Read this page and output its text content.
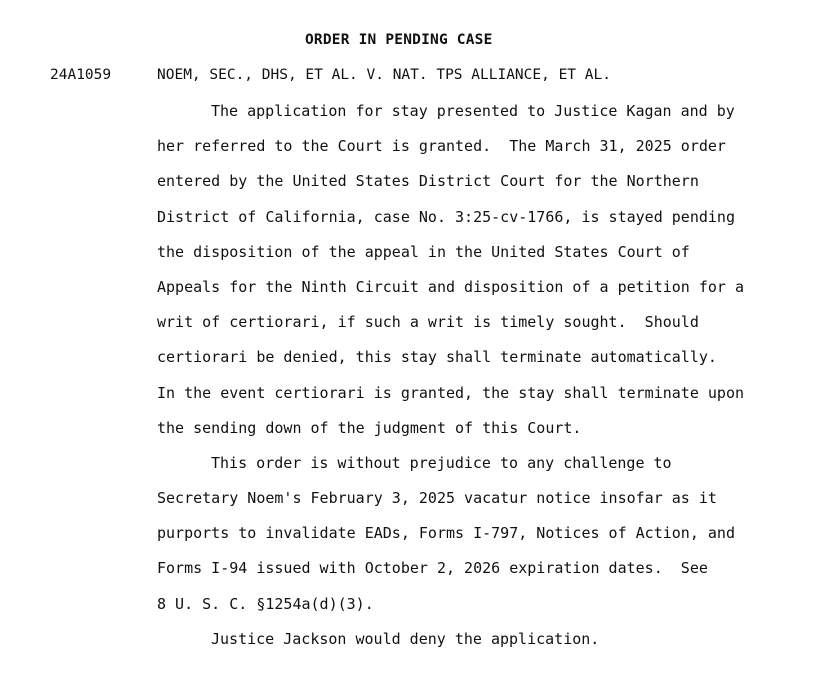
ORDER IN PENDING CASE
24A1059	NOEM, SEC., DHS, ET AL. V. NAT. TPS ALLIANCE, ET AL.
The application for stay presented to Justice Kagan and by
her referred to the Court is granted.  The March 31, 2025 order
entered by the United States District Court for the Northern
District of California, case No. 3:25-cv-1766, is stayed pending
the disposition of the appeal in the United States Court of
Appeals for the Ninth Circuit and disposition of a petition for a
writ of certiorari, if such a writ is timely sought.  Should
certiorari be denied, this stay shall terminate automatically.
In the event certiorari is granted, the stay shall terminate upon
the sending down of the judgment of this Court.
This order is without prejudice to any challenge to
Secretary Noem's February 3, 2025 vacatur notice insofar as it
purports to invalidate EADs, Forms I-797, Notices of Action, and
Forms I-94 issued with October 2, 2026 expiration dates.  See
8 U. S. C. §1254a(d)(3).
Justice Jackson would deny the application.
